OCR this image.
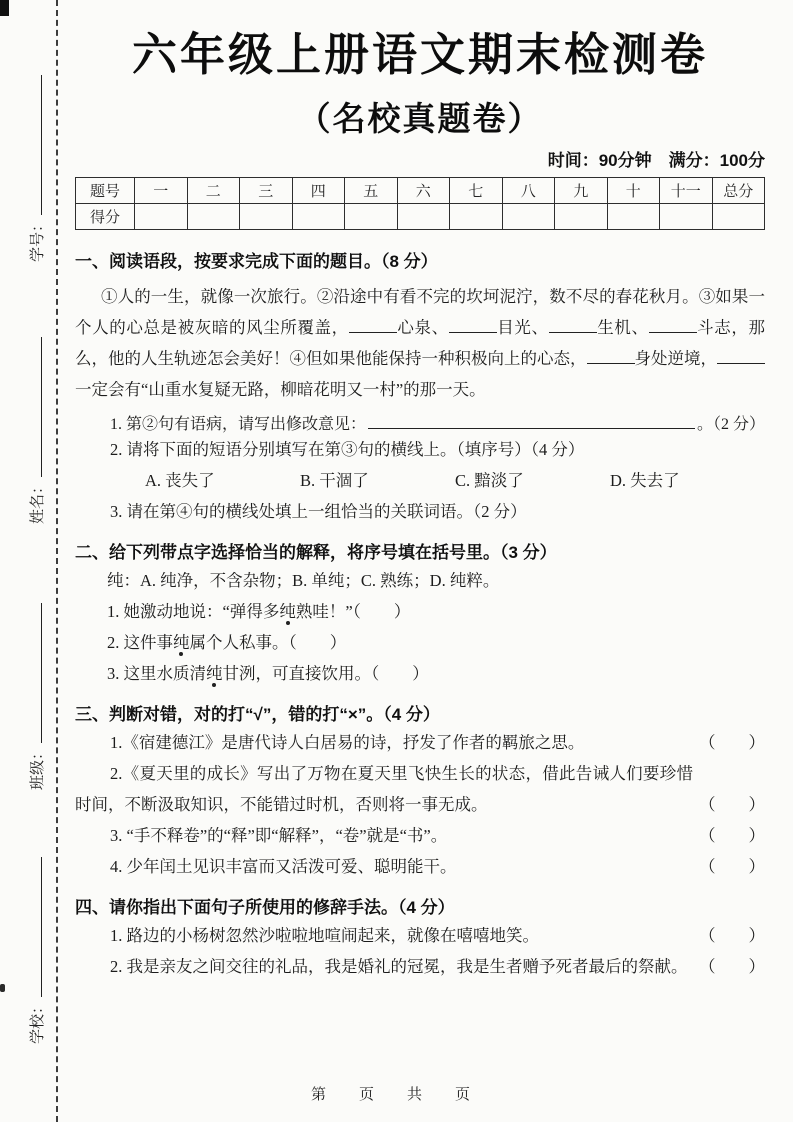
学号：
姓名：
班级：
学校：
六年级上册语文期末检测卷
（名校真题卷）
时间：90分钟　满分：100分
题号	一	二	三	四	五	六	七	八	九	十	十一	总分
得分												
一、阅读语段，按要求完成下面的题目。（8 分）

①人的一生，就像一次旅行。②沿途中有看不完的坎坷泥泞，数不尽的春花秋月。③如果一个人的心总是被灰暗的风尘所覆盖，	心泉、	目光、	生机、	斗志，那么，他的人生轨迹怎会美好！④但如果他能保持一种积极向上的心态，	身处逆境，一定会有“山重水复疑无路，柳暗花明又一村”的那一天。

1. 第②句有语病，请写出修改意见：	。（2 分）
2. 请将下面的短语分别填写在第③句的横线上。（填序号）（4 分）
A. 丧失了	B. 干涸了	C. 黯淡了	D. 失去了
3. 请在第④句的横线处填上一组恰当的关联词语。（2 分）
二、给下列带点字选择恰当的解释，将序号填在括号里。（3 分）
纯：A. 纯净，不含杂物；B. 单纯；C. 熟练；D. 纯粹。
1. 她激动地说：“弹得多纯熟哇！”（　　）
2. 这件事纯属个人私事。（　　）
3. 这里水质清纯甘洌，可直接饮用。（　　）
三、判断对错，对的打“√”，错的打“×”。（4 分）
1.《宿建德江》是唐代诗人白居易的诗，抒发了作者的羁旅之思。	（　　）
2.《夏天里的成长》写出了万物在夏天里飞快生长的状态，借此告诫人们要珍惜时间，不断汲取知识，不能错过时机，否则将一事无成。	（　　）
3. “手不释卷”的“释”即“解释”，“卷”就是“书”。	（　　）
4. 少年闰土见识丰富而又活泼可爱、聪明能干。	（　　）
四、请你指出下面句子所使用的修辞手法。（4 分）
1. 路边的小杨树忽然沙啦啦地喧闹起来，就像在嘻嘻地笑。	（　　）
2. 我是亲友之间交往的礼品，我是婚礼的冠冕，我是生者赠予死者最后的祭献。 （　　）
第　页　共　页
